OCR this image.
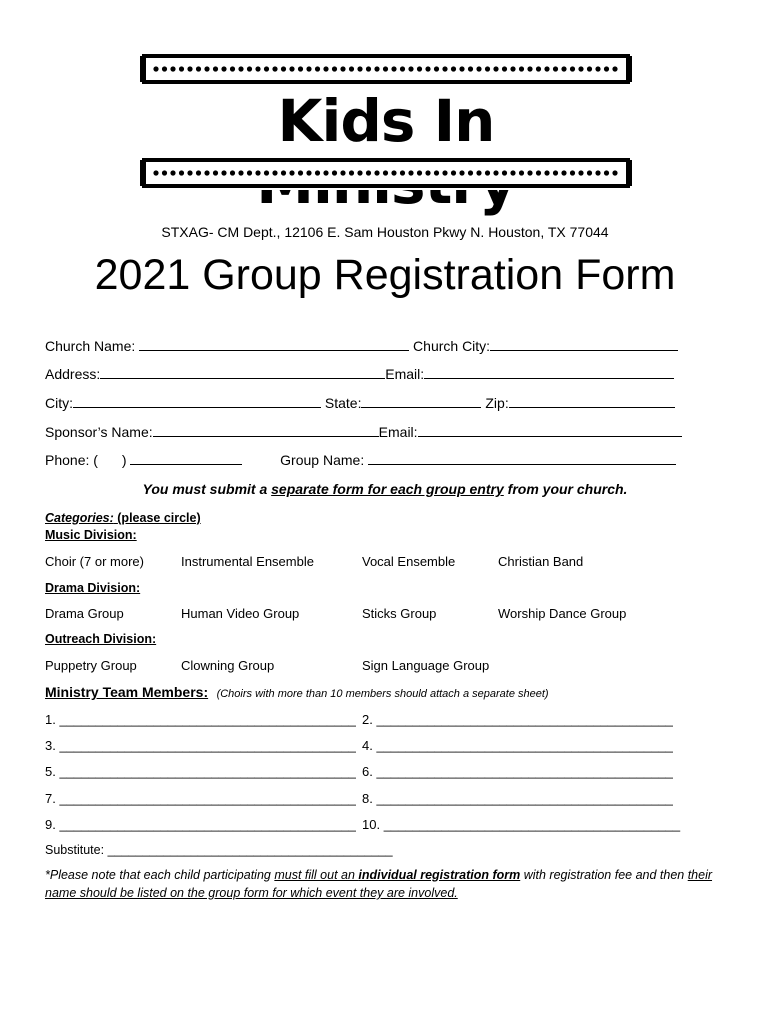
Kids In
STXAG- CM Dept., 12106 E. Sam Houston Pkwy N. Houston, TX 77044
2021 Group Registration Form
Church Name:	Church City:
Address:	Email:
City:	State:	Zip:
Sponsor’s Name:	Email:
Phone: ( )	Group Name:
You must submit a separate form for each group entry from your church.
Categories: (please circle)
Music Division:
Choir (7 or more)	Instrumental Ensemble	Vocal Ensemble	Christian Band
Drama Division:
Drama Group	Human Video Group	Sticks Group	Worship Dance Group
Outreach Division:
Puppetry Group	Clowning Group	Sign Language Group
Ministry Team Members: (Choirs with more than 10 members should attach a separate sheet)
1. _________________________________________ 2. _________________________________________
3. _________________________________________ 4. _________________________________________
5. _________________________________________ 6. _________________________________________
7. _________________________________________ 8. _________________________________________
9. _________________________________________ 10. _________________________________________
Substitute: _________________________________________
*Please note that each child participating must fill out an individual registration form with registration fee and then their name should be listed on the group form for which event they are involved.
